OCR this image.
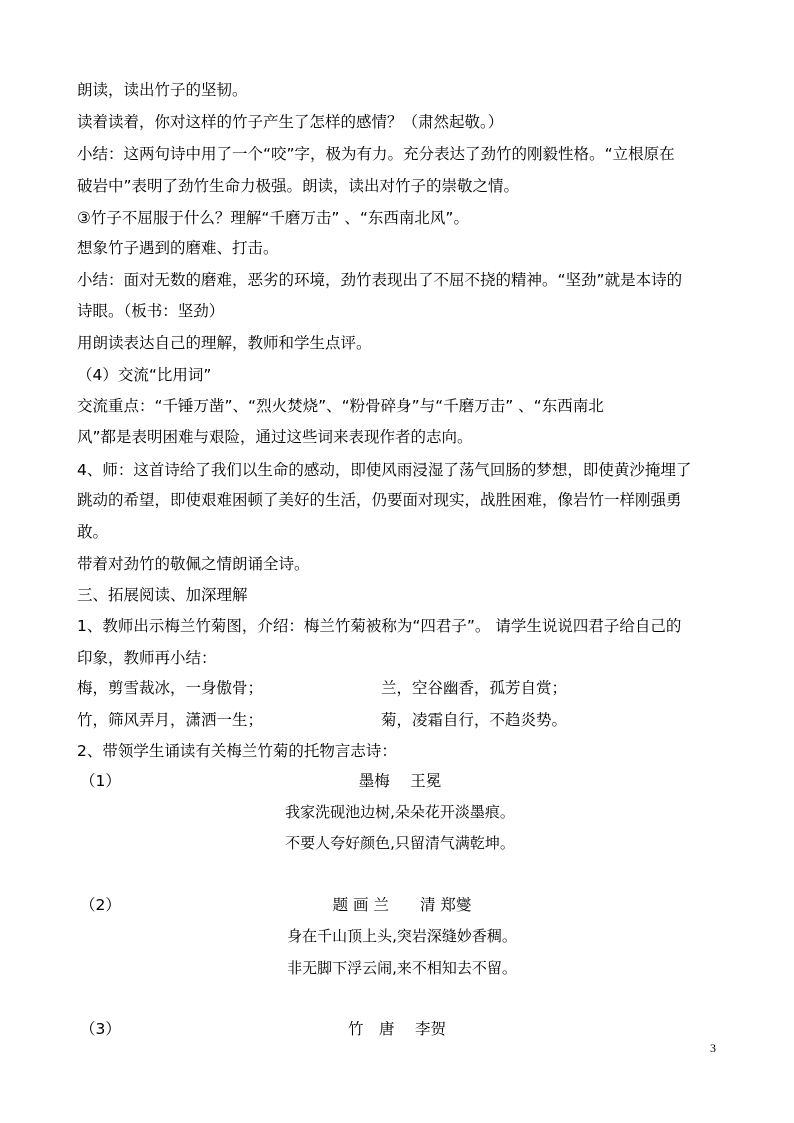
朗读，读出竹子的坚韧。
读着读着，你对这样的竹子产生了怎样的感情？（肃然起敬。）
小结：这两句诗中用了一个“咬”字，极为有力。充分表达了劲竹的刚毅性格。“立根原在
破岩中”表明了劲竹生命力极强。朗读，读出对竹子的崇敬之情。
③竹子不屈服于什么？理解“千磨万击” 、“东西南北风”。
想象竹子遇到的磨难、打击。
小结：面对无数的磨难，恶劣的环境，劲竹表现出了不屈不挠的精神。“坚劲”就是本诗的
诗眼。（板书：坚劲）
用朗读表达自己的理解，教师和学生点评。
（4）交流“比用词”
交流重点：“千锤万凿”、“烈火焚烧”、“粉骨碎身”与“千磨万击” 、“东西南北
风”都是表明困难与艰险，通过这些词来表现作者的志向。
4、师：这首诗给了我们以生命的感动，即使风雨浸湿了荡气回肠的梦想，即使黄沙掩埋了
跳动的希望，即使艰难困顿了美好的生活，仍要面对现实，战胜困难，像岩竹一样刚强勇
敢。
带着对劲竹的敬佩之情朗诵全诗。
三、拓展阅读、加深理解
1、教师出示梅兰竹菊图，介绍：梅兰竹菊被称为“四君子”。 请学生说说四君子给自己的
印象，教师再小结：
梅，剪雪裁冰，一身傲骨；	兰，空谷幽香，孤芳自赏；
竹，筛风弄月，潇洒一生；	菊，凌霜自行，不趋炎势。
2、带领学生诵读有关梅兰竹菊的托物言志诗：
（1）	墨梅　 王冕
我家洗砚池边树,朵朵花开淡墨痕。
不要人夸好颜色,只留清气满乾坤。
（2）	题 画 兰　　清 郑燮
身在千山顶上头,突岩深缝妙香稠。
非无脚下浮云闹,来不相知去不留。
（3）	竹　唐　 李贺
3
